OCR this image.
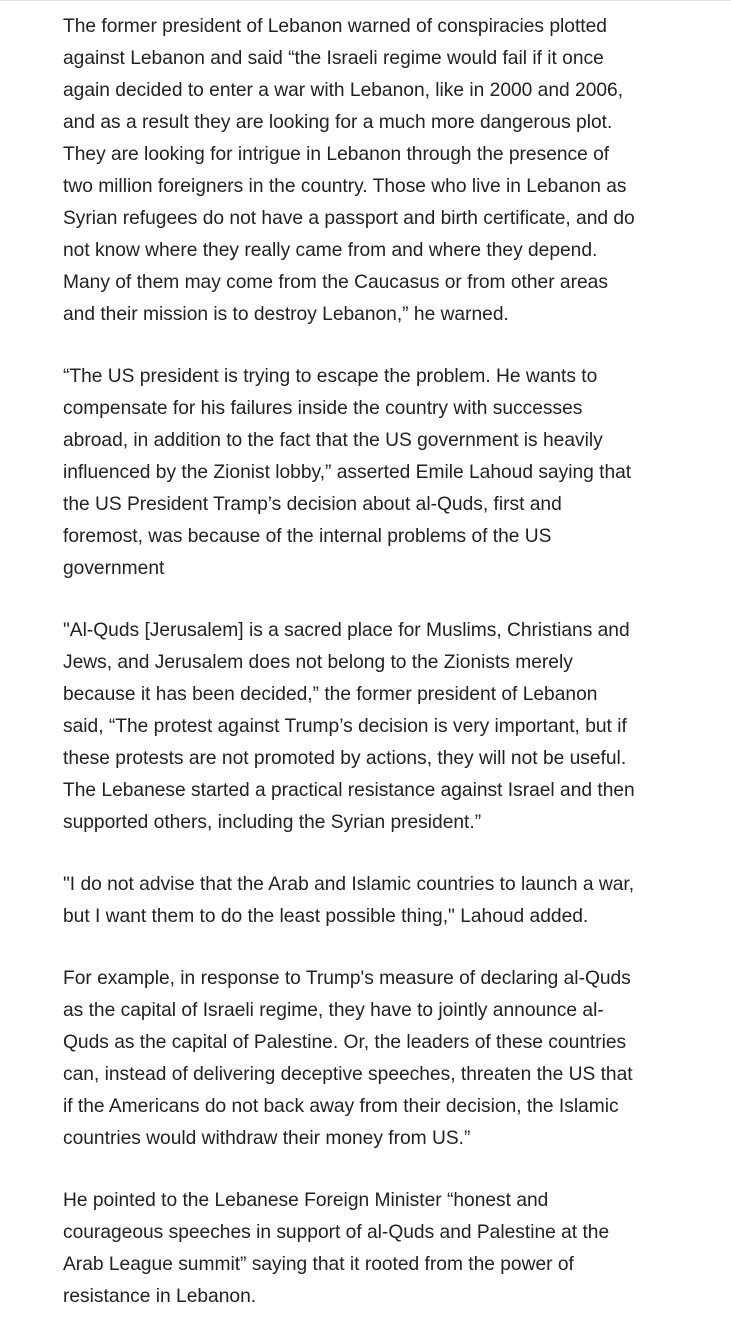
The former president of Lebanon warned of conspiracies plotted
against Lebanon and said “the Israeli regime would fail if it once
again decided to enter a war with Lebanon, like in 2000 and 2006,
and as a result they are looking for a much more dangerous plot.
They are looking for intrigue in Lebanon through the presence of
two million foreigners in the country. Those who live in Lebanon as
Syrian refugees do not have a passport and birth certificate, and do
not know where they really came from and where they depend.
Many of them may come from the Caucasus or from other areas
and their mission is to destroy Lebanon,” he warned.

“The US president is trying to escape the problem. He wants to
compensate for his failures inside the country with successes
abroad, in addition to the fact that the US government is heavily
influenced by the Zionist lobby,” asserted Emile Lahoud saying that
the US President Tramp’s decision about al-Quds, first and
foremost, was because of the internal problems of the US
government

"Al-Quds [Jerusalem] is a sacred place for Muslims, Christians and
Jews, and Jerusalem does not belong to the Zionists merely
because it has been decided,” the former president of Lebanon
said, “The protest against Trump’s decision is very important, but if
these protests are not promoted by actions, they will not be useful.
The Lebanese started a practical resistance against Israel and then
supported others, including the Syrian president.”

"I do not advise that the Arab and Islamic countries to launch a war,
but I want them to do the least possible thing," Lahoud added.

For example, in response to Trump's measure of declaring al-Quds
as the capital of Israeli regime, they have to jointly announce al-
Quds as the capital of Palestine. Or, the leaders of these countries
can, instead of delivering deceptive speeches, threaten the US that
if the Americans do not back away from their decision, the Islamic
countries would withdraw their money from US.”

He pointed to the Lebanese Foreign Minister “honest and
courageous speeches in support of al-Quds and Palestine at the
Arab League summit” saying that it rooted from the power of
resistance in Lebanon.
